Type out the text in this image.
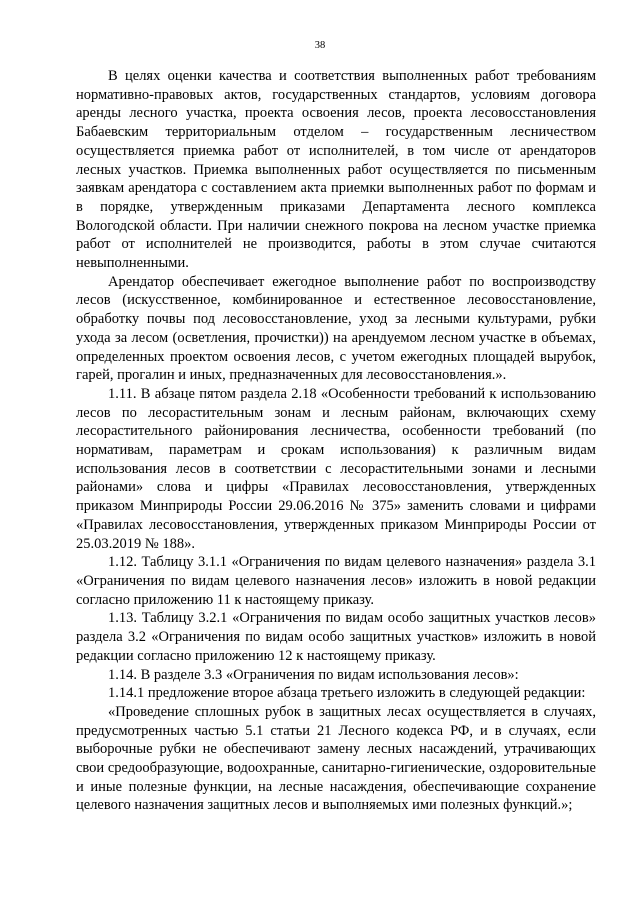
38

В целях оценки качества и соответствия выполненных работ требованиям нормативно-правовых актов, государственных стандартов, условиям договора аренды лесного участка, проекта освоения лесов, проекта лесовосстановления Бабаевским территориальным отделом – государственным лесничеством осуществляется приемка работ от исполнителей, в том числе от арендаторов лесных участков. Приемка выполненных работ осуществляется по письменным заявкам арендатора с составлением акта приемки выполненных работ по формам и в порядке, утвержденным приказами Департамента лесного комплекса Вологодской области. При наличии снежного покрова на лесном участке приемка работ от исполнителей не производится, работы в этом случае считаются невыполненными.

Арендатор обеспечивает ежегодное выполнение работ по воспроизводству лесов (искусственное, комбинированное и естественное лесовосстановление, обработку почвы под лесовосстановление, уход за лесными культурами, рубки ухода за лесом (осветления, прочистки)) на арендуемом лесном участке в объемах, определенных проектом освоения лесов, с учетом ежегодных площадей вырубок, гарей, прогалин и иных, предназначенных для лесовосстановления.».

1.11. В абзаце пятом раздела 2.18 «Особенности требований к использованию лесов по лесорастительным зонам и лесным районам, включающих схему лесорастительного районирования лесничества, особенности требований (по нормативам, параметрам и срокам использования) к различным видам использования лесов в соответствии с лесорастительными зонами и лесными районами» слова и цифры «Правилах лесовосстановления, утвержденных приказом Минприроды России 29.06.2016 № 375» заменить словами и цифрами «Правилах лесовосстановления, утвержденных приказом Минприроды России от 25.03.2019 № 188».

1.12. Таблицу 3.1.1 «Ограничения по видам целевого назначения» раздела 3.1 «Ограничения по видам целевого назначения лесов» изложить в новой редакции согласно приложению 11 к настоящему приказу.

1.13. Таблицу 3.2.1 «Ограничения по видам особо защитных участков лесов» раздела 3.2 «Ограничения по видам особо защитных участков» изложить в новой редакции согласно приложению 12 к настоящему приказу.

1.14. В разделе 3.3 «Ограничения по видам использования лесов»:

1.14.1 предложение второе абзаца третьего изложить в следующей редакции:

«Проведение сплошных рубок в защитных лесах осуществляется в случаях, предусмотренных частью 5.1 статьи 21 Лесного кодекса РФ, и в случаях, если выборочные рубки не обеспечивают замену лесных насаждений, утрачивающих свои средообразующие, водоохранные, санитарно-гигиенические, оздоровительные и иные полезные функции, на лесные насаждения, обеспечивающие сохранение целевого назначения защитных лесов и выполняемых ими полезных функций.»;
